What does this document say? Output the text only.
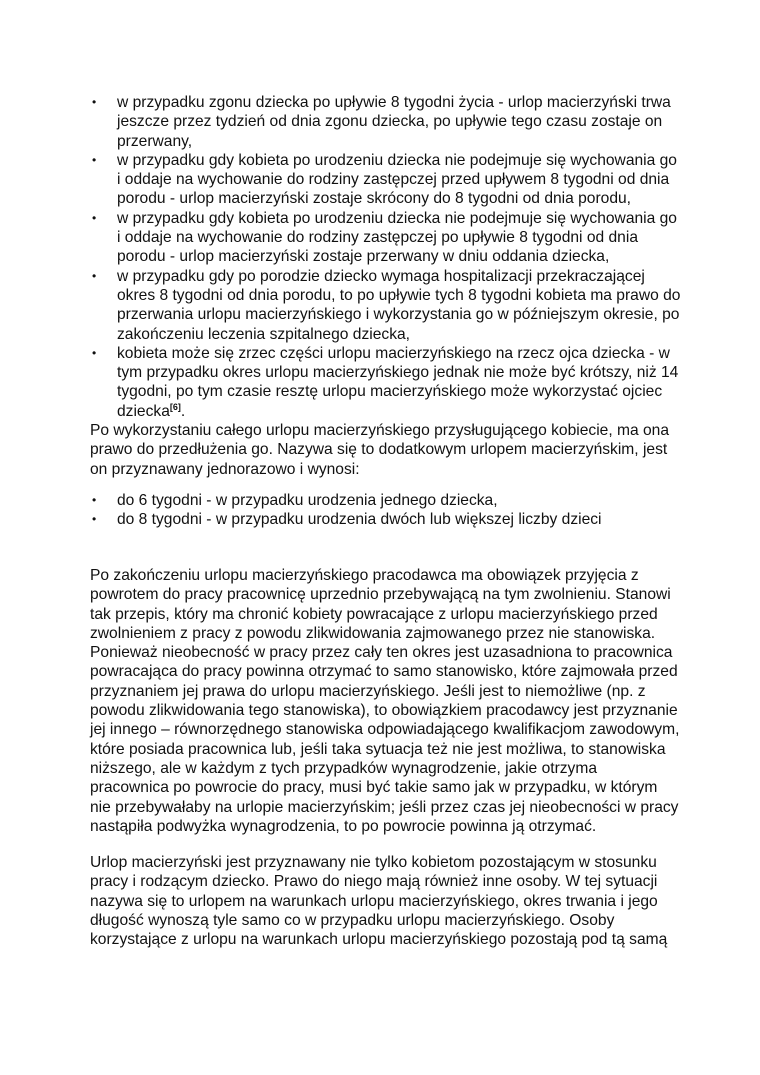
• w przypadku zgonu dziecka po upływie 8 tygodni życia - urlop macierzyński trwa
jeszcze przez tydzień od dnia zgonu dziecka, po upływie tego czasu zostaje on
przerwany,
• w przypadku gdy kobieta po urodzeniu dziecka nie podejmuje się wychowania go
i oddaje na wychowanie do rodziny zastępczej przed upływem 8 tygodni od dnia
porodu - urlop macierzyński zostaje skrócony do 8 tygodni od dnia porodu,
• w przypadku gdy kobieta po urodzeniu dziecka nie podejmuje się wychowania go
i oddaje na wychowanie do rodziny zastępczej po upływie 8 tygodni od dnia
porodu - urlop macierzyński zostaje przerwany w dniu oddania dziecka,
• w przypadku gdy po porodzie dziecko wymaga hospitalizacji przekraczającej
okres 8 tygodni od dnia porodu, to po upływie tych 8 tygodni kobieta ma prawo do
przerwania urlopu macierzyńskiego i wykorzystania go w późniejszym okresie, po
zakończeniu leczenia szpitalnego dziecka,
• kobieta może się zrzec części urlopu macierzyńskiego na rzecz ojca dziecka - w
tym przypadku okres urlopu macierzyńskiego jednak nie może być krótszy, niż 14
tygodni, po tym czasie resztę urlopu macierzyńskiego może wykorzystać ojciec
dziecka[6].
Po wykorzystaniu całego urlopu macierzyńskiego przysługującego kobiecie, ma ona
prawo do przedłużenia go. Nazywa się to dodatkowym urlopem macierzyńskim, jest
on przyznawany jednorazowo i wynosi:
• do 6 tygodni - w przypadku urodzenia jednego dziecka,
• do 8 tygodni - w przypadku urodzenia dwóch lub większej liczby dzieci
Po zakończeniu urlopu macierzyńskiego pracodawca ma obowiązek przyjęcia z
powrotem do pracy pracownicę uprzednio przebywającą na tym zwolnieniu. Stanowi
tak przepis, który ma chronić kobiety powracające z urlopu macierzyńskiego przed
zwolnieniem z pracy z powodu zlikwidowania zajmowanego przez nie stanowiska.
Ponieważ nieobecność w pracy przez cały ten okres jest uzasadniona to pracownica
powracająca do pracy powinna otrzymać to samo stanowisko, które zajmowała przed
przyznaniem jej prawa do urlopu macierzyńskiego. Jeśli jest to niemożliwe (np. z
powodu zlikwidowania tego stanowiska), to obowiązkiem pracodawcy jest przyznanie
jej innego – równorzędnego stanowiska odpowiadającego kwalifikacjom zawodowym,
które posiada pracownica lub, jeśli taka sytuacja też nie jest możliwa, to stanowiska
niższego, ale w każdym z tych przypadków wynagrodzenie, jakie otrzyma
pracownica po powrocie do pracy, musi być takie samo jak w przypadku, w którym
nie przebywałaby na urlopie macierzyńskim; jeśli przez czas jej nieobecności w pracy
nastąpiła podwyżka wynagrodzenia, to po powrocie powinna ją otrzymać.
Urlop macierzyński jest przyznawany nie tylko kobietom pozostającym w stosunku
pracy i rodzącym dziecko. Prawo do niego mają również inne osoby. W tej sytuacji
nazywa się to urlopem na warunkach urlopu macierzyńskiego, okres trwania i jego
długość wynoszą tyle samo co w przypadku urlopu macierzyńskiego. Osoby
korzystające z urlopu na warunkach urlopu macierzyńskiego pozostają pod tą samą
